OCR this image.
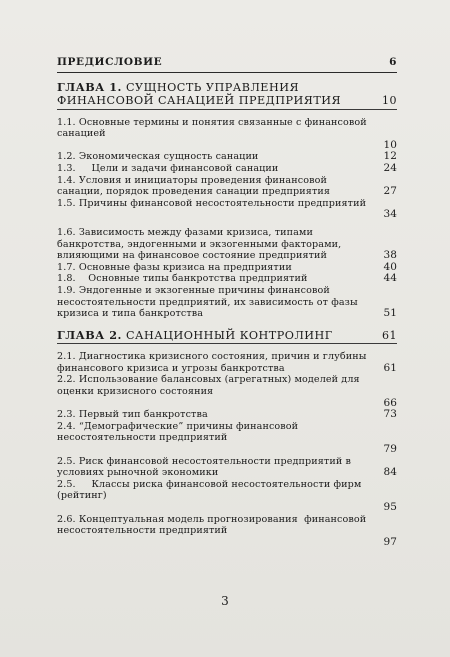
ПРЕДИСЛОВИЕ	6
ГЛАВА 1. СУЩНОСТЬ УПРАВЛЕНИЯ ФИНАНСОВОЙ САНАЦИЕЙ ПРЕДПРИЯТИЯ	10
1.1. Основные термины и понятия связанные с финансовой санацией
10
1.2. Экономическая сущность санации	12
1.3.     Цели и задачи финансовой санации	24
1.4. Условия и инициаторы проведения финансовой санации, порядок проведения санации предприятия	27
1.5. Причины финансовой несостоятельности предприятий
34
1.6. Зависимость между фазами кризиса, типами банкротства, эндогенными и экзогенными факторами, влияющими на финансовое состояние предприятий	38
1.7. Основные фазы кризиса на предприятии	40
1.8.    Основные типы банкротства предприятий	44
1.9. Эндогенные и экзогенные причины финансовой несостоятельности предприятий, их зависимость от фазы кризиса и типа банкротства	51
ГЛАВА 2. САНАЦИОННЫЙ КОНТРОЛИНГ	61
2.1. Диагностика кризисного состояния, причин и глубины финансового кризиса и угрозы банкротства	61
2.2. Использование балансовых (агрегатных) моделей для оценки кризисного состояния
66
2.3. Первый тип банкротства	73
2.4. “Демографические” причины финансовой несостоятельности предприятий
79
2.5. Риск финансовой несостоятельности предприятий в условиях рыночной экономики	84
2.5.     Классы риска финансовой несостоятельности фирм (рейтинг)
95
2.6. Концептуальная модель прогнозирования  финансовой несостоятельности предприятий
97
3
